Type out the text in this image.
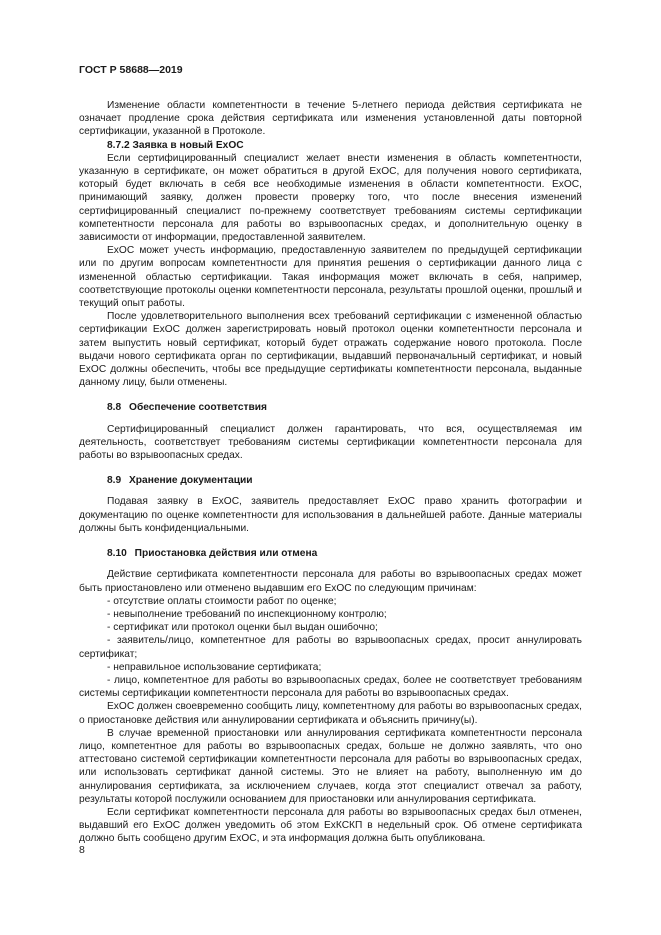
ГОСТ Р 58688—2019

Изменение области компетентности в течение 5-летнего периода действия сертификата не означает продление срока действия сертификата или изменения установленной даты повторной сертификации, указанной в Протоколе.

8.7.2 Заявка в новый ExOC

Если сертифицированный специалист желает внести изменения в область компетентности, указанную в сертификате, он может обратиться в другой ExOC, для получения нового сертификата, который будет включать в себя все необходимые изменения в области компетентности. ExOC, принимающий заявку, должен провести проверку того, что после внесения изменений сертифицированный специалист по-прежнему соответствует требованиям системы сертификации компетентности персонала для работы во взрывоопасных средах, и дополнительную оценку в зависимости от информации, предоставленной заявителем.

ExOC может учесть информацию, предоставленную заявителем по предыдущей сертификации или по другим вопросам компетентности для принятия решения о сертификации данного лица с измененной областью сертификации. Такая информация может включать в себя, например, соответствующие протоколы оценки компетентности персонала, результаты прошлой оценки, прошлый и текущий опыт работы.

После удовлетворительного выполнения всех требований сертификации с измененной областью сертификации ExOC должен зарегистрировать новый протокол оценки компетентности персонала и затем выпустить новый сертификат, который будет отражать содержание нового протокола. После выдачи нового сертификата орган по сертификации, выдавший первоначальный сертификат, и новый ExOC должны обеспечить, чтобы все предыдущие сертификаты компетентности персонала, выданные данному лицу, были отменены.

8.8 Обеспечение соответствия

Сертифицированный специалист должен гарантировать, что вся, осуществляемая им деятельность, соответствует требованиям системы сертификации компетентности персонала для работы во взрывоопасных средах.

8.9 Хранение документации

Подавая заявку в ExOC, заявитель предоставляет ExOC право хранить фотографии и документацию по оценке компетентности для использования в дальнейшей работе. Данные материалы должны быть конфиденциальными.

8.10 Приостановка действия или отмена

Действие сертификата компетентности персонала для работы во взрывоопасных средах может быть приостановлено или отменено выдавшим его ExOC по следующим причинам:

- отсутствие оплаты стоимости работ по оценке;

- невыполнение требований по инспекционному контролю;

- сертификат или протокол оценки был выдан ошибочно;

- заявитель/лицо, компетентное для работы во взрывоопасных средах, просит аннулировать сертификат;

- неправильное использование сертификата;

- лицо, компетентное для работы во взрывоопасных средах, более не соответствует требованиям системы сертификации компетентности персонала для работы во взрывоопасных средах.

ExOC должен своевременно сообщить лицу, компетентному для работы во взрывоопасных средах, о приостановке действия или аннулировании сертификата и объяснить причину(ы).

В случае временной приостановки или аннулирования сертификата компетентности персонала лицо, компетентное для работы во взрывоопасных средах, больше не должно заявлять, что оно аттестовано системой сертификации компетентности персонала для работы во взрывоопасных средах, или использовать сертификат данной системы. Это не влияет на работу, выполненную им до аннулирования сертификата, за исключением случаев, когда этот специалист отвечал за работу, результаты которой послужили основанием для приостановки или аннулирования сертификата.

Если сертификат компетентности персонала для работы во взрывоопасных средах был отменен, выдавший его ExOC должен уведомить об этом ExКСКП в недельный срок. Об отмене сертификата должно быть сообщено другим ExOC, и эта информация должна быть опубликована.

8
